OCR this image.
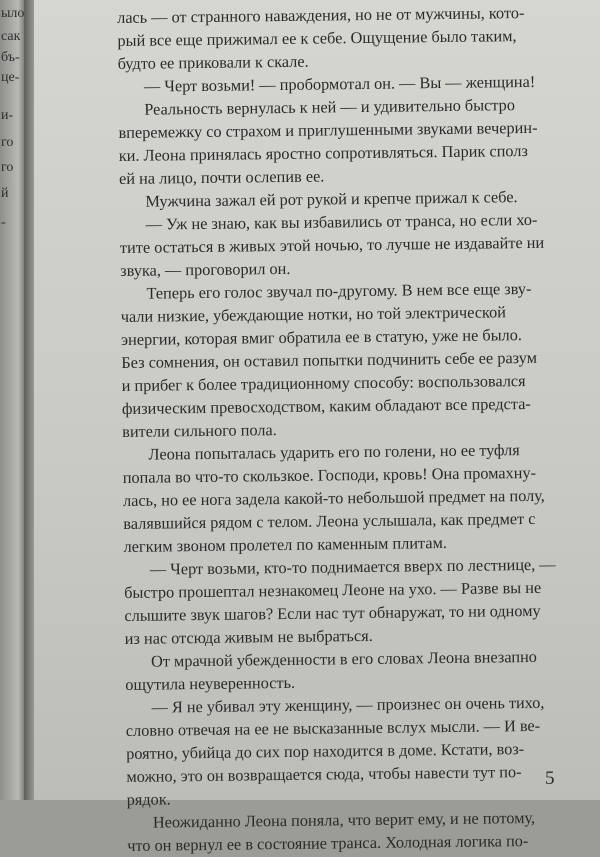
ыло
сак
бъ-
це-
и-
го
го
й
-
лась — от странного наваждения, но не от мужчины, кото-
рый все еще прижимал ее к себе. Ощущение было таким,
будто ее приковали к скале.
— Черт возьми! — пробормотал он. — Вы — женщина!
Реальность вернулась к ней — и удивительно быстро
вперемежку со страхом и приглушенными звуками вечерин-
ки. Леона принялась яростно сопротивляться. Парик сполз
ей на лицо, почти ослепив ее.
Мужчина зажал ей рот рукой и крепче прижал к себе.
— Уж не знаю, как вы избавились от транса, но если хо-
тите остаться в живых этой ночью, то лучше не издавайте ни
звука, — проговорил он.
Теперь его голос звучал по-другому. В нем все еще зву-
чали низкие, убеждающие нотки, но той электрической
энергии, которая вмиг обратила ее в статую, уже не было.
Без сомнения, он оставил попытки подчинить себе ее разум
и прибег к более традиционному способу: воспользовался
физическим превосходством, каким обладают все предста-
вители сильного пола.
Леона попыталась ударить его по голени, но ее туфля
попала во что-то скользкое. Господи, кровь! Она промахну-
лась, но ее нога задела какой-то небольшой предмет на полу,
валявшийся рядом с телом. Леона услышала, как предмет с
легким звоном пролетел по каменным плитам.
— Черт возьми, кто-то поднимается вверх по лестнице, —
быстро прошептал незнакомец Леоне на ухо. — Разве вы не
слышите звук шагов? Если нас тут обнаружат, то ни одному
из нас отсюда живым не выбраться.
От мрачной убежденности в его словах Леона внезапно
ощутила неуверенность.
— Я не убивал эту женщину, — произнес он очень тихо,
словно отвечая на ее не высказанные вслух мысли. — И ве-
роятно, убийца до сих пор находится в доме. Кстати, воз-
можно, это он возвращается сюда, чтобы навести тут по-
рядок.
Неожиданно Леона поняла, что верит ему, и не потому,
что он вернул ее в состояние транса. Холодная логика по-
5
